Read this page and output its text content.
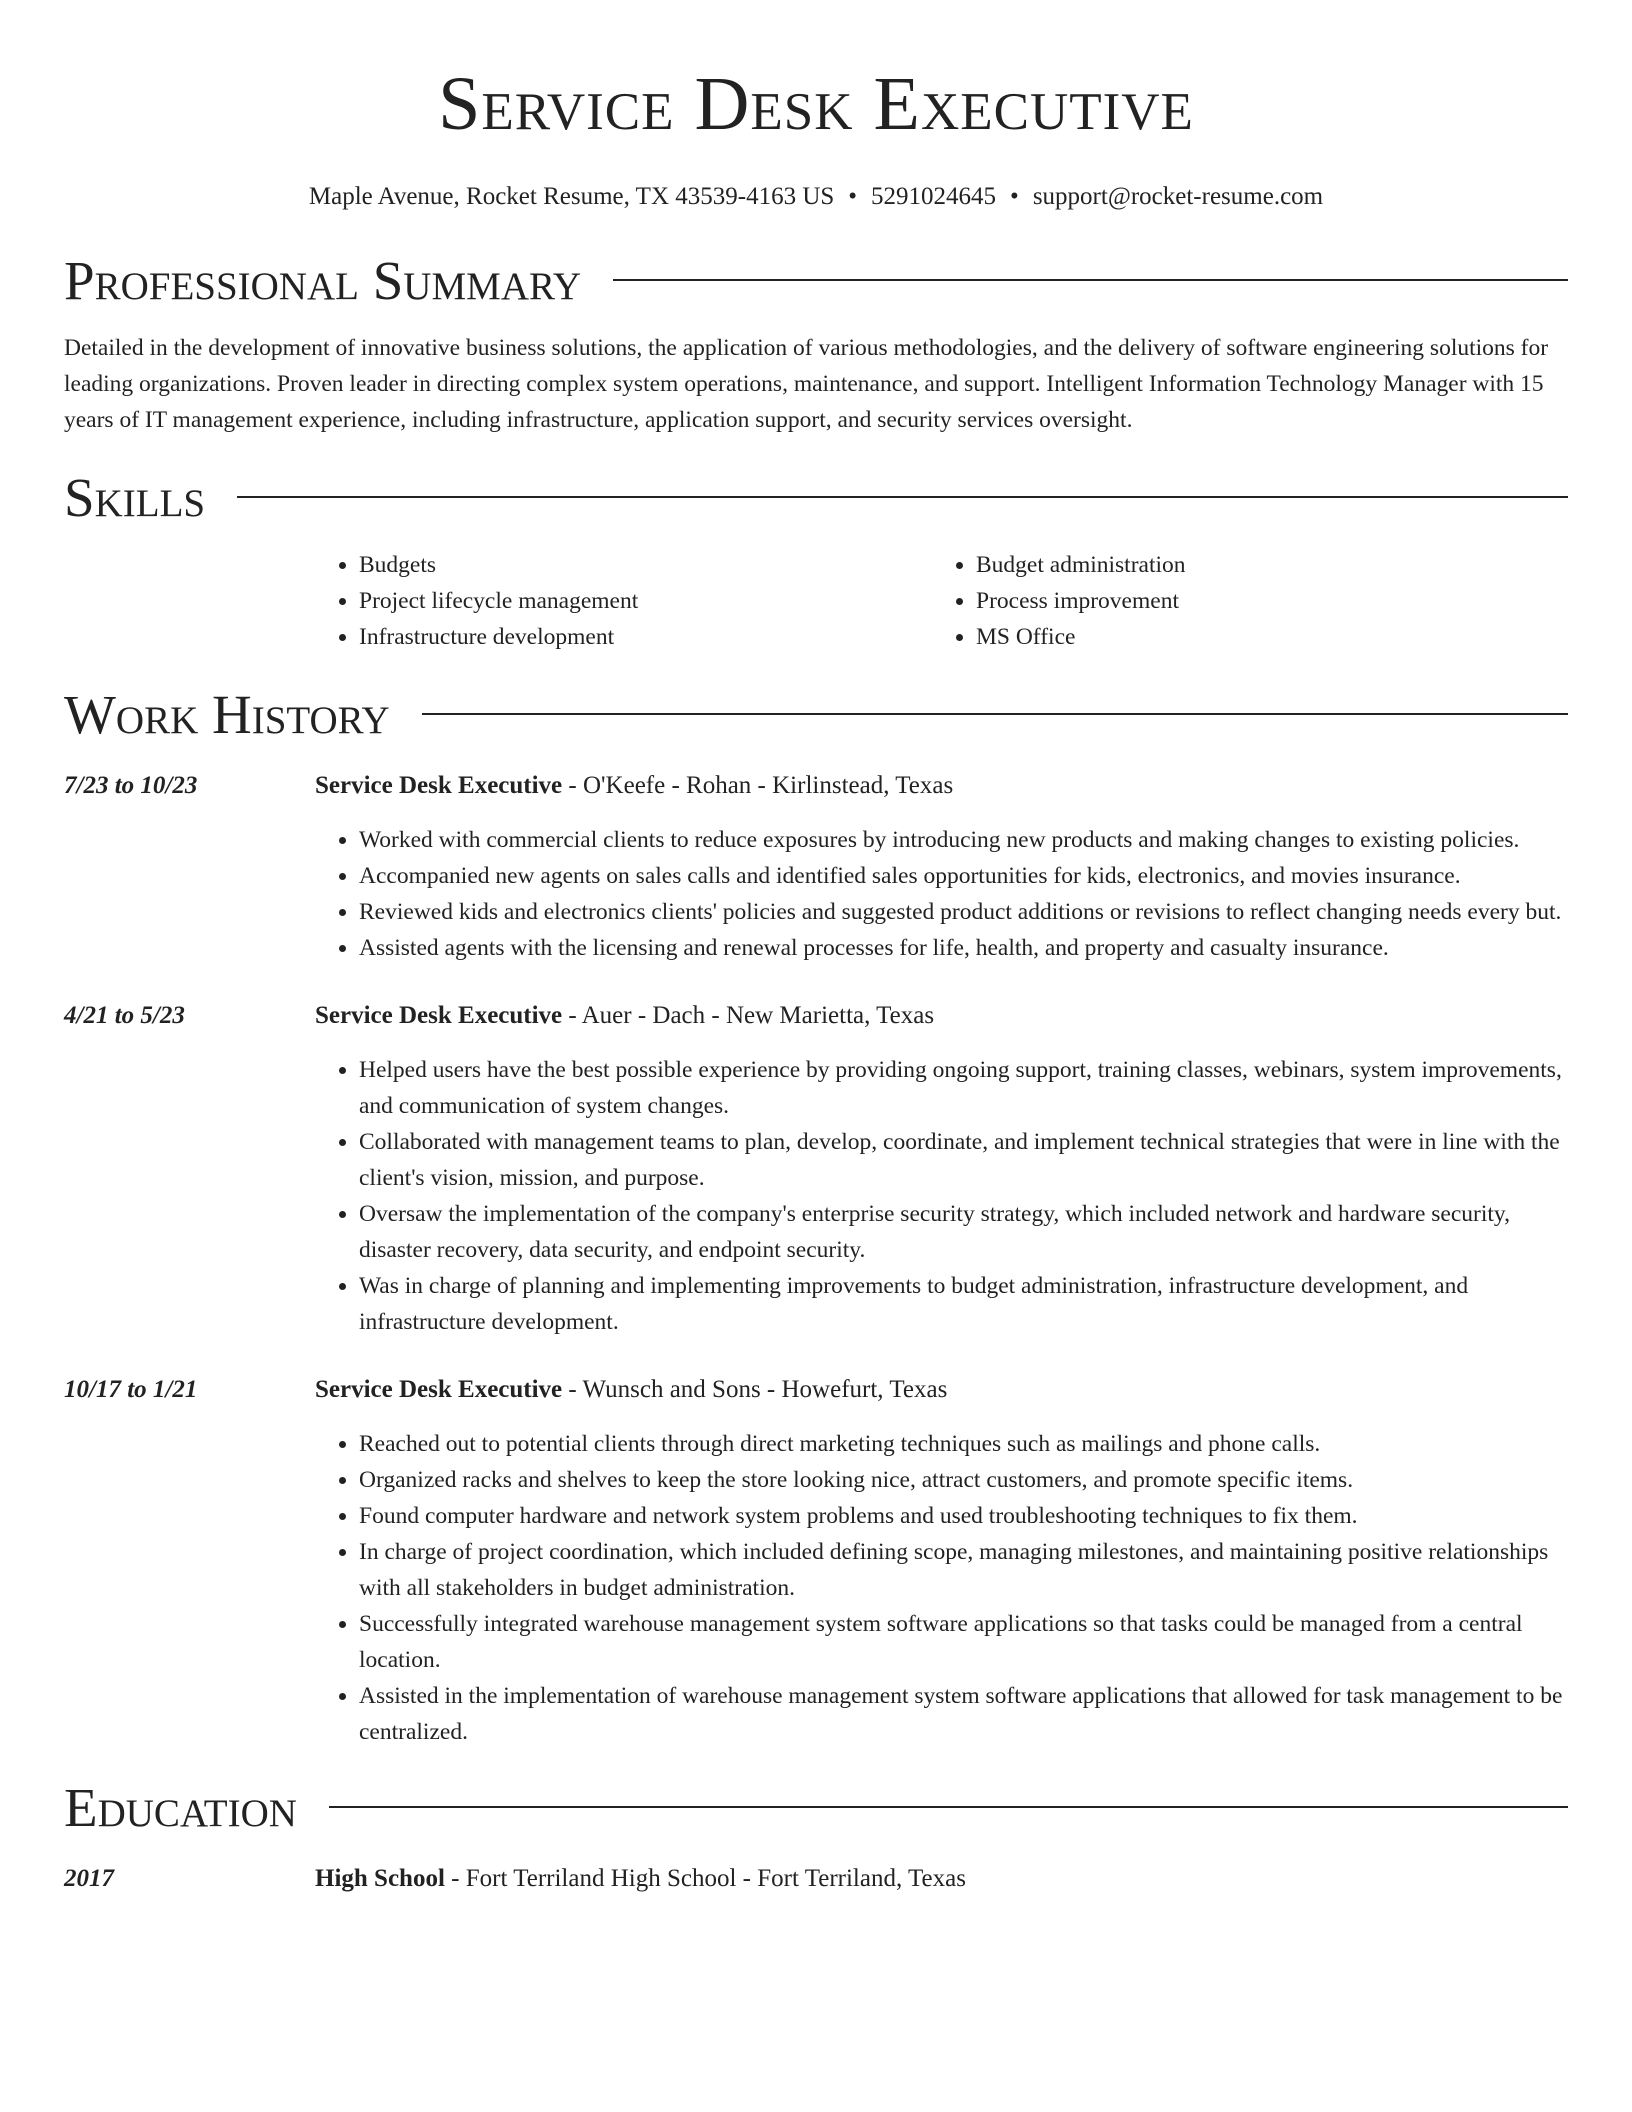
Service Desk Executive
Maple Avenue, Rocket Resume, TX 43539-4163 US • 5291024645 • support@rocket-resume.com
Professional Summary

Detailed in the development of innovative business solutions, the application of various methodologies, and the delivery of software engineering solutions for leading organizations. Proven leader in directing complex system operations, maintenance, and support. Intelligent Information Technology Manager with 15 years of IT management experience, including infrastructure, application support, and security services oversight.

Skills
• Budgets
• Project lifecycle management
• Infrastructure development
• Budget administration
• Process improvement
• MS Office
Work History
7/23 to 10/23	Service Desk Executive - O'Keefe - Rohan - Kirlinstead, Texas
• Worked with commercial clients to reduce exposures by introducing new products and making changes to existing policies.
• Accompanied new agents on sales calls and identified sales opportunities for kids, electronics, and movies insurance.
• Reviewed kids and electronics clients' policies and suggested product additions or revisions to reflect changing needs every but.
• Assisted agents with the licensing and renewal processes for life, health, and property and casualty insurance.
4/21 to 5/23	Service Desk Executive - Auer - Dach - New Marietta, Texas
• Helped users have the best possible experience by providing ongoing support, training classes, webinars, system improvements, and communication of system changes.
• Collaborated with management teams to plan, develop, coordinate, and implement technical strategies that were in line with the client's vision, mission, and purpose.
• Oversaw the implementation of the company's enterprise security strategy, which included network and hardware security, disaster recovery, data security, and endpoint security.
• Was in charge of planning and implementing improvements to budget administration, infrastructure development, and infrastructure development.
10/17 to 1/21	Service Desk Executive - Wunsch and Sons - Howefurt, Texas
• Reached out to potential clients through direct marketing techniques such as mailings and phone calls.
• Organized racks and shelves to keep the store looking nice, attract customers, and promote specific items.
• Found computer hardware and network system problems and used troubleshooting techniques to fix them.
• In charge of project coordination, which included defining scope, managing milestones, and maintaining positive relationships with all stakeholders in budget administration.
• Successfully integrated warehouse management system software applications so that tasks could be managed from a central location.
• Assisted in the implementation of warehouse management system software applications that allowed for task management to be centralized.
Education
2017	High School - Fort Terriland High School - Fort Terriland, Texas
